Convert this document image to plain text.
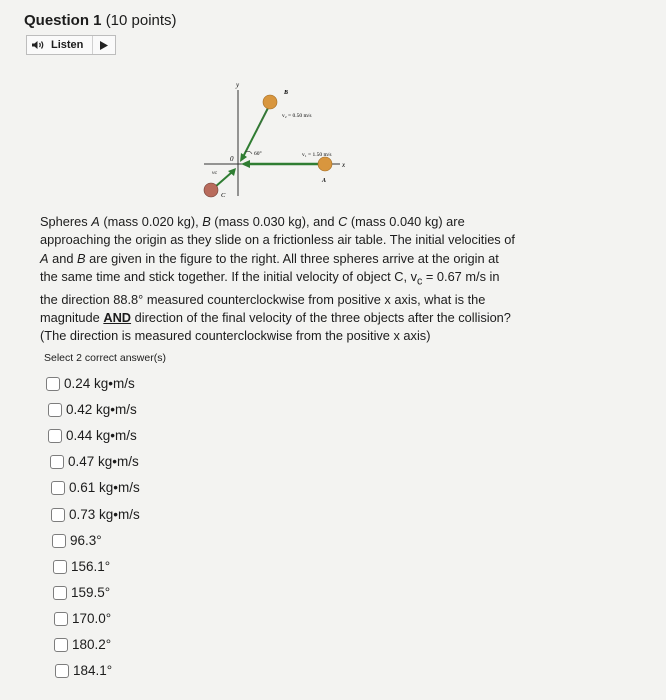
Question 1 (10 points)
Listen
y
x
0
B
v₂ = 0.50 m/s
60°
A
v₁ = 1.50 m/s
C
vᴄ
Spheres A (mass 0.020 kg), B (mass 0.030 kg), and C (mass 0.040 kg) are approaching the origin as they slide on a frictionless air table. The initial velocities of A and B are given in the figure to the right. All three spheres arrive at the origin at the same time and stick together. If the initial velocity of object C, $v_c = 0.67$ m/s in the direction 88.8° measured counterclockwise from positive x axis, what is the magnitude AND direction of the final velocity of the three objects after the collision? (The direction is measured counterclockwise from the positive x axis)
Select 2 correct answer(s)
0.24 kg•m/s
0.42 kg•m/s
0.44 kg•m/s
0.47 kg•m/s
0.61 kg•m/s
0.73 kg•m/s
96.3°
156.1°
159.5°
170.0°
180.2°
184.1°
